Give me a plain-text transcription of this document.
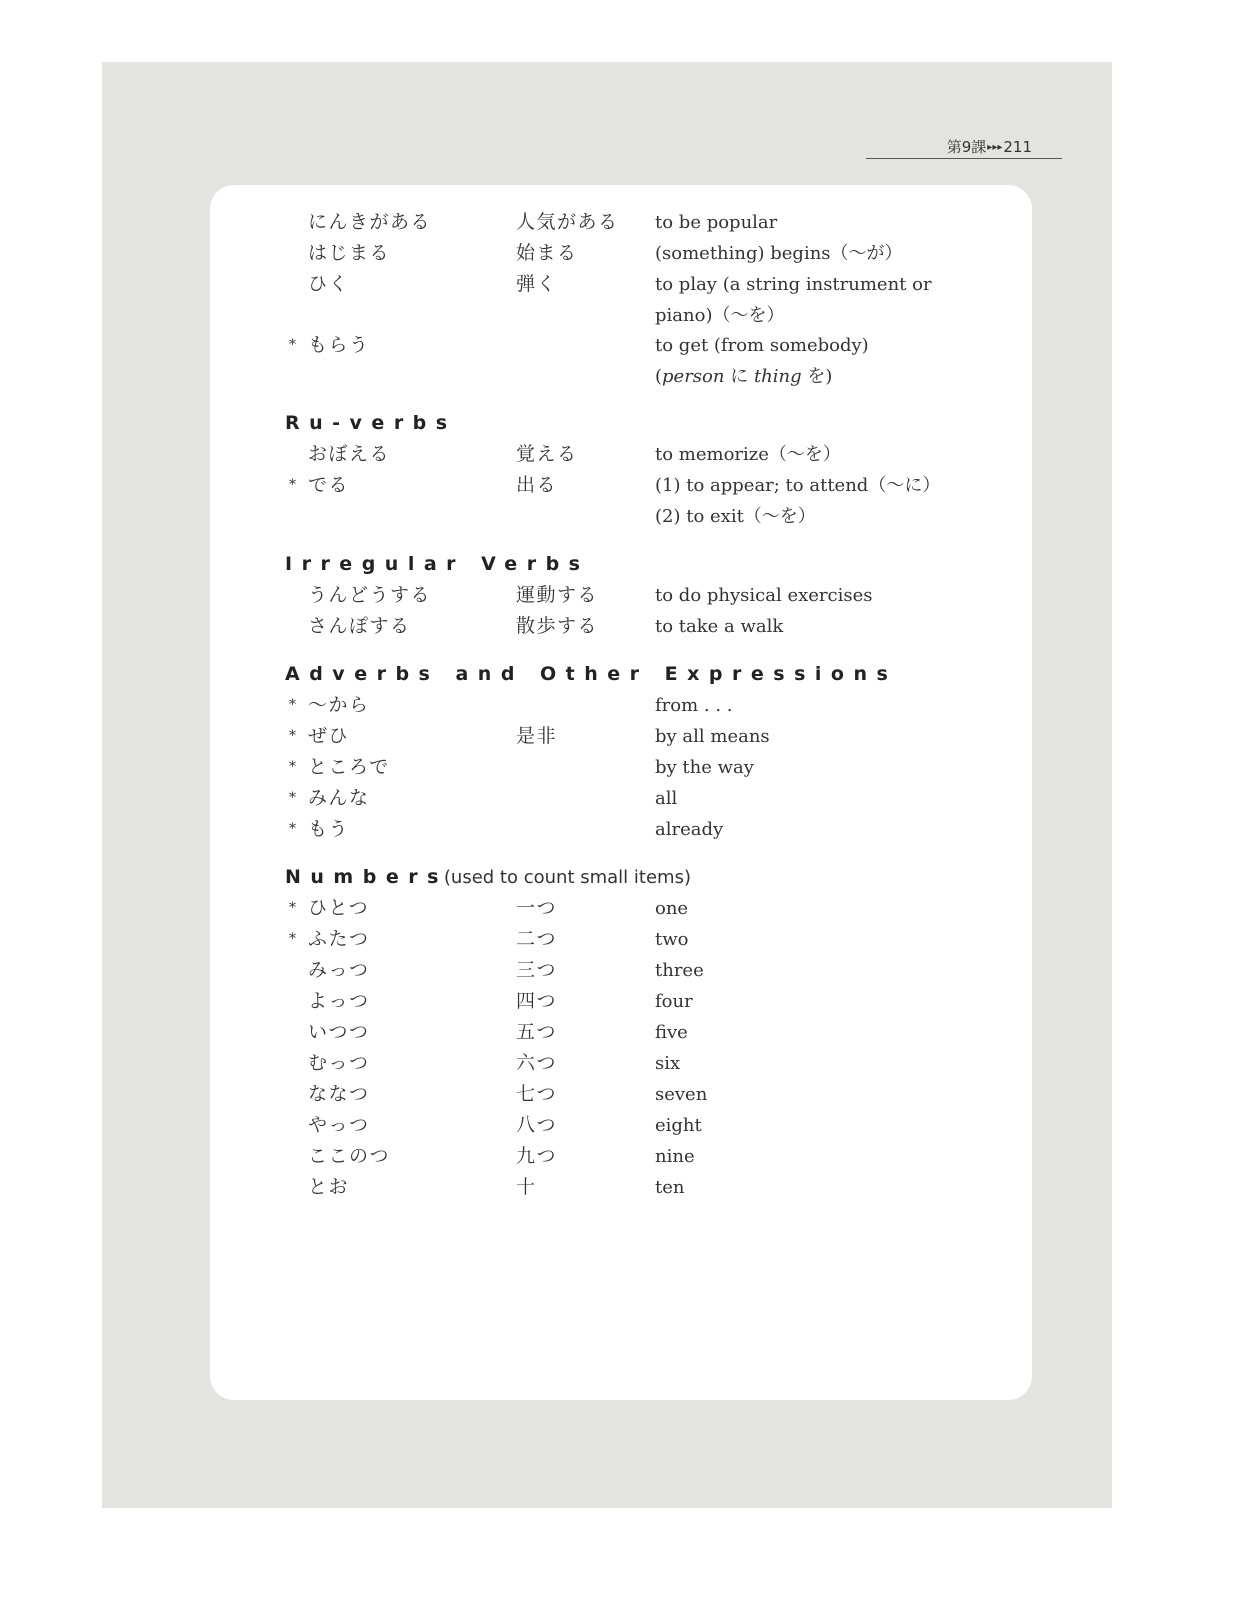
第9課▸▸▸211
にんきがある	人気がある to be popular
はじまる	始まる	(something) begins（～が）
ひく	弾く	to play (a string instrument or
piano)（～を）
* もらう	to get (from somebody)
(person に thing を)
Ru-verbs
おぼえる	覚える	to memorize（～を）
* でる	出る	(1) to appear; to attend（～に）
(2) to exit（～を）
Irregular Verbs
うんどうする	運動する	to do physical exercises
さんぽする	散歩する	to take a walk
Adverbs and Other Expressions
* ～から	from . . .
* ぜひ	是非	by all means
* ところで	by the way
* みんな	all
* もう	already
Numbers(used to count small items)
* ひとつ	一つ	one
* ふたつ	二つ	two
みっつ	三つ	three
よっつ	四つ	four
いつつ	五つ	five
むっつ	六つ	six
ななつ	七つ	seven
やっつ	八つ	eight
ここのつ	九つ	nine
とお	十	ten
